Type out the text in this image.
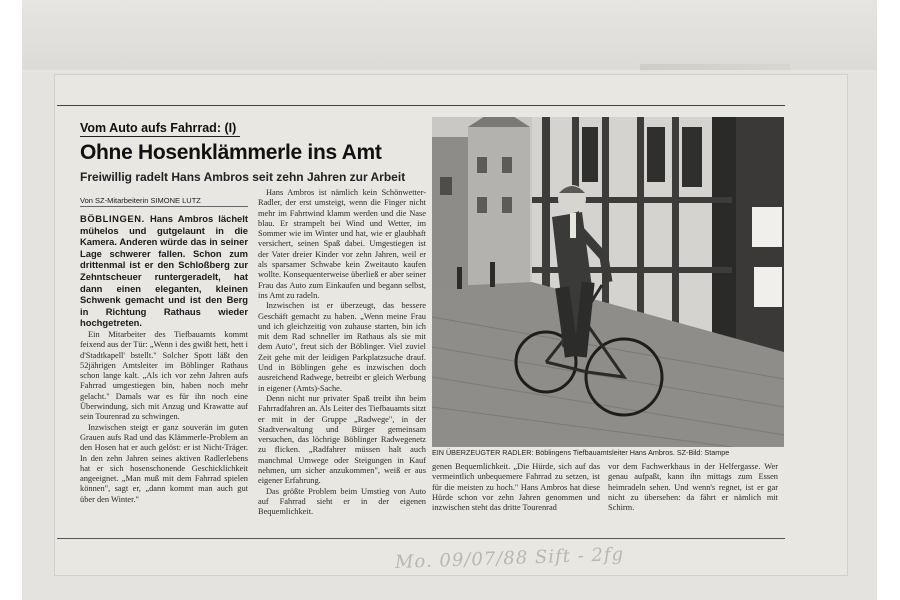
Vom Auto aufs Fahrrad: (I)
Ohne Hosenklämmerle ins Amt
Freiwillig radelt Hans Ambros seit zehn Jahren zur Arbeit
Von SZ-Mitarbeiterin SIMONE LUTZ
BÖBLINGEN. Hans Ambros lächelt mühelos und gutgelaunt in die Kamera. Anderen würde das in seiner Lage schwerer fallen. Schon zum drittenmal ist er den Schloßberg zur Zehntscheuer runtergeradelt, hat dann einen eleganten, kleinen Schwenk gemacht und ist den Berg in Richtung Rathaus wieder hochgetreten.

Ein Mitarbeiter des Tiefbauamts kommt feixend aus der Tür: „Wenn i des gwißt hett, hett i d'Stadtkapell' bstellt." Solcher Spott läßt den 52jährigen Amtsleiter im Böblinger Rathaus schon lange kalt. „Als ich vor zehn Jahren aufs Fahrrad umgestiegen bin, haben noch mehr gelacht." Damals war es für ihn noch eine Überwindung, sich mit Anzug und Krawatte auf sein Tourenrad zu schwingen.

Inzwischen steigt er ganz souverän im guten Grauen aufs Rad und das Klämmerle-Problem an den Hosen hat er auch gelöst: er ist Nicht-Träger. In den zehn Jahren seines aktiven Radlerlebens hat er sich hosenschonende Geschicklichkeit angeeignet. „Man muß mit dem Fahrrad spielen können", sagt er, „dann kommt man auch gut über den Winter."

Hans Ambros ist nämlich kein Schönwetter-Radler, der erst umsteigt, wenn die Finger nicht mehr im Fahrtwind klamm werden und die Nase blau. Er strampelt bei Wind und Wetter, im Sommer wie im Winter und hat, wie er glaubhaft versichert, seinen Spaß dabei. Umgestiegen ist der Vater dreier Kinder vor zehn Jahren, weil er als sparsamer Schwabe kein Zweitauto kaufen wollte. Konsequenterweise überließ er aber seiner Frau das Auto zum Einkaufen und begann selbst, ins Amt zu radeln.

Inzwischen ist er überzeugt, das bessere Geschäft gemacht zu haben. „Wenn meine Frau und ich gleichzeitig von zuhause starten, bin ich mit dem Rad schneller im Rathaus als sie mit dem Auto", freut sich der Böblinger. Viel zuviel Zeit gehe mit der leidigen Parkplatzsuche drauf. Und in Böblingen gehe es inzwischen doch ausreichend Radwege, betreibt er gleich Werbung in eigener (Amts)-Sache.

Denn nicht nur privater Spaß treibt ihn beim Fahrradfahren an. Als Leiter des Tiefbauamts sitzt er mit in der Gruppe „Radwege", in der Stadtverwaltung und Bürger gemeinsam versuchen, das löchrige Böblinger Radwegenetz zu flicken. „Radfahrer müssen halt auch manchmal Umwege oder Steigungen in Kauf nehmen, um sicher anzukommen", weiß er aus eigener Erfahrung.

Das größte Problem beim Umstieg von Auto auf Fahrrad sieht er in der eigenen Bequemlichkeit.

EIN ÜBERZEUGTER RADLER: Böblingens Tiefbauamtsleiter Hans Ambros. SZ-Bild: Stampe

genen Bequemlichkeit. „Die Hürde, sich auf das vermeintlich unbequemere Fahrrad zu setzen, ist für die meisten zu hoch." Hans Ambros hat diese Hürde schon vor zehn Jahren genommen und inzwischen steht das dritte Tourenrad

vor dem Fachwerkhaus in der Helfergasse. Wer genau aufpaßt, kann ihn mittags zum Essen heimradeln sehen. Und wenn's regnet, ist er gar nicht zu übersehen: da fährt er nämlich mit Schirm.

Mo. 09/07/88 Sift - 2fg
